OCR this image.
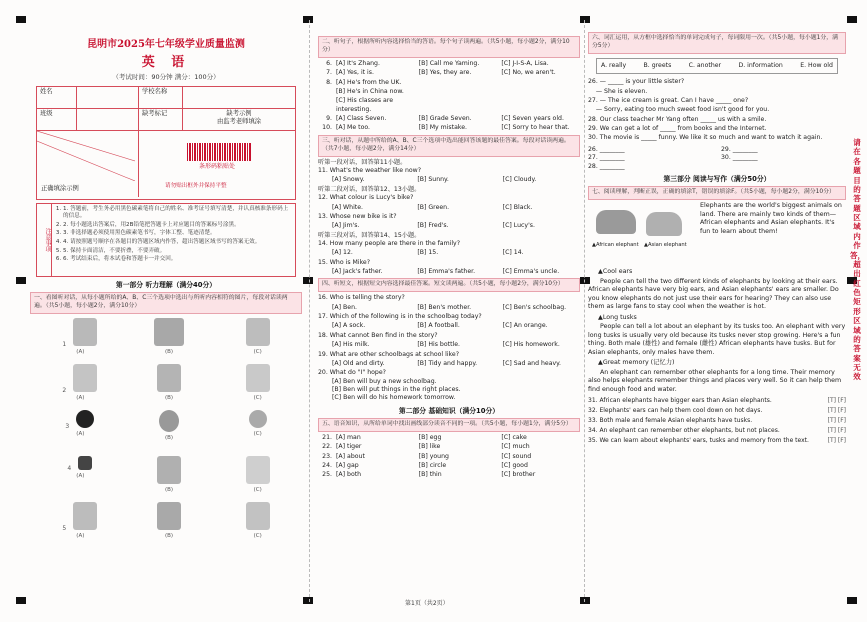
昆明市2025年七年级学业质量监测
英 语
（考试时间：90分钟 满分：100分）
姓名	学校名称
班级	缺考标记	缺考示例
由监考老师填涂
正确填涂示例
条形码粘贴处
请勿贴出框外并保持平整
注意事项
1. 1. 答题前，考生务必用黑色碳素笔将自己的姓名、准考证号填写清楚，并认真核准条形码上的信息。
2. 2. 每小题选出答案后，用2B铅笔把答题卡上对应题目的答案标号涂黑。
3. 3. 非选择题必须使用黑色碳素笔书写，字体工整、笔迹清楚。
4. 4. 请按照题号顺序在各题目的答题区域内作答，超出答题区域书写的答案无效。
5. 5. 保持卡面清洁，不要折叠，不要弄破。
6. 6. 考试结束后，将本试卷和答题卡一并交回。
第一部分 听力理解（满分40分）
一、看图听对话，从每小题所给的A、B、C三个选项中选出与所听内容相符的图片，每段对话读两遍。（共5小题，每小题2分，满分10分）
1
(A)	(B)	(C)
2
(A)	(B)	(C)
3
(A)
(B)
(C)
4
(A)
(B)	(C)
5
(A)	(B)	(C)
二、听句子，根据所听内容选择恰当的答语。每个句子读两遍。（共5小题，每小题2分，满分10分）
6. [A] It's Zhang.	[B] Call me Yaming.	[C] J-I-S-A, Lisa.
7. [A] Yes, it is.	[B] Yes, they are.	[C] No, we aren't.
8. [A] He's from the UK.
[B] He's in China now.
[C] His classes are interesting.
9. [A] Class Seven.	[B] Grade Seven.	[C] Seven years old.
10. [A] Me too.	[B] My mistake.	[C] Sorry to hear that.
三、听对话，从题中所给的A、B、C三个选项中选出能回答该题的最佳答案。每段对话读两遍。（共7小题，每小题2分，满分14分）
听第一段对话，回答第11小题。
11. What's the weather like now?
[A] Snowy.	[B] Sunny.	[C] Cloudy.
听第二段对话，回答第12、13小题。
12. What colour is Lucy's bike?
[A] White.	[B] Green.	[C] Black.
13. Whose new bike is it?
[A] Jim's.	[B] Fred's.	[C] Lucy's.
听第三段对话，回答第14、15小题。
14. How many people are there in the family?
[A] 12.	[B] 15.	[C] 14.
15. Who is Mike?
[A] Jack's father.	[B] Emma's father.	[C] Emma's uncle.
四、听短文，根据短文内容选择最佳答案。短文读两遍。（共5小题，每小题2分，满分10分）
16. Who is telling the story?
[A] Ben.	[B] Ben's mother.	[C] Ben's schoolbag.
17. Which of the following is in the schoolbag today?
[A] A sock.	[B] A football.	[C] An orange.
18. What cannot Ben find in the story?
[A] His milk.	[B] His bottle.	[C] His homework.
19. What are other schoolbags at school like?
[A] Old and dirty.	[B] Tidy and happy.	[C] Sad and heavy.
20. What do "I" hope?
[A] Ben will buy a new schoolbag.
[B] Ben will put things in the right places.
[C] Ben will do his homework tomorrow.
第二部分 基础知识（满分10分）
五、语音知识，从所给单词中找出画线部分读音不同的一项。（共5小题，每小题1分，满分5分）
21. [A] man	[B] egg	[C] cake
22. [A] tiger	[B] like	[C] much
23. [A] about	[B] young	[C] sound
24. [A] gap	[B] circle	[C] good
25. [A] both	[B] thin	[C] brother
六、词汇运用，从方框中选择恰当的单词完成句子，每词限用一次。（共5小题，每小题1分，满分5分）
A. really	B. greets	C. another	D. information	E. How old
26. — _____ is your little sister?
— She is eleven.
27. — The ice cream is great. Can I have _____ one?
— Sorry, eating too much sweet food isn't good for you.
28. Our class teacher Mr Yang often _____ us with a smile.
29. We can get a lot of _____ from books and the Internet.
30. The movie is _____ funny. We like it so much and want to watch it again.
26. ________	29. ________
27. ________	30. ________
28. ________
第三部分 阅读与写作（满分50分）
七、阅读理解，判断正误，正确的填涂T，错误的填涂F。（共5小题，每小题2分，满分10分）
▲African elephant ▲Asian elephant
Elephants are the world's biggest animals on land. There are mainly two kinds of them— African elephants and Asian elephants. It's fun to learn about them!
▲Cool ears
People can tell the two different kinds of elephants by looking at their ears. African elephants have very big ears, and Asian elephants' ears are smaller. Do you know elephants do not just use their ears for hearing? They can also use them as large fans to stay cool when the weather is hot.
▲Long tusks
People can tell a lot about an elephant by its tusks too. An elephant with very long tusks is usually very old because its tusks never stop growing. Here's a fun thing. Both male (雄性) and female (雌性) African elephants have tusks. But for Asian elephants, only males have them.
▲Great memory (记忆力)
An elephant can remember other elephants for a long time. Their memory also helps elephants remember things and places very well. So it can help them find enough food and water.
31. African elephants have bigger ears than Asian elephants.	[T] [F]
32. Elephants' ears can help them cool down on hot days.	[T] [F]
33. Both male and female Asian elephants have tusks.	[T] [F]
34. An elephant can remember other elephants, but not places.	[T] [F]
35. We can learn about elephants' ears, tusks and memory from the text.	[T] [F]
请在各题目的答题区域内作答，超出红色矩形区域的答案无效
第1页（共2页）
